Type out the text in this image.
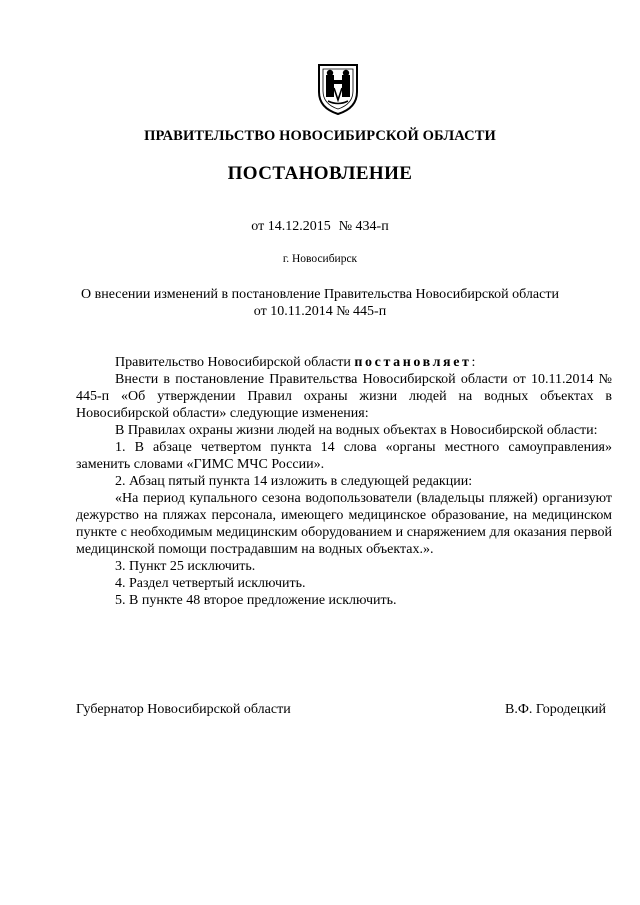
ПРАВИТЕЛЬСТВО НОВОСИБИРСКОЙ ОБЛАСТИ
ПОСТАНОВЛЕНИЕ
от 14.12.2015 № 434-п
г. Новосибирск
О внесении изменений в постановление Правительства Новосибирской области
от 10.11.2014 № 445-п

Правительство Новосибирской области постановляет:

Внести в постановление Правительства Новосибирской области от 10.11.2014 № 445-п «Об утверждении Правил охраны жизни людей на водных объектах в Новосибирской области» следующие изменения:

В Правилах охраны жизни людей на водных объектах в Новосибирской области:

1. В абзаце четвертом пункта 14 слова «органы местного самоуправления» заменить словами «ГИМС МЧС России».

2. Абзац пятый пункта 14 изложить в следующей редакции:

«На период купального сезона водопользователи (владельцы пляжей) организуют дежурство на пляжах персонала, имеющего медицинское образование, на медицинском пункте с необходимым медицинским оборудованием и снаряжением для оказания первой медицинской помощи пострадавшим на водных объектах.».

3. Пункт 25 исключить.

4. Раздел четвертый исключить.

5. В пункте 48 второе предложение исключить.

Губернатор Новосибирской области	В.Ф. Городецкий
